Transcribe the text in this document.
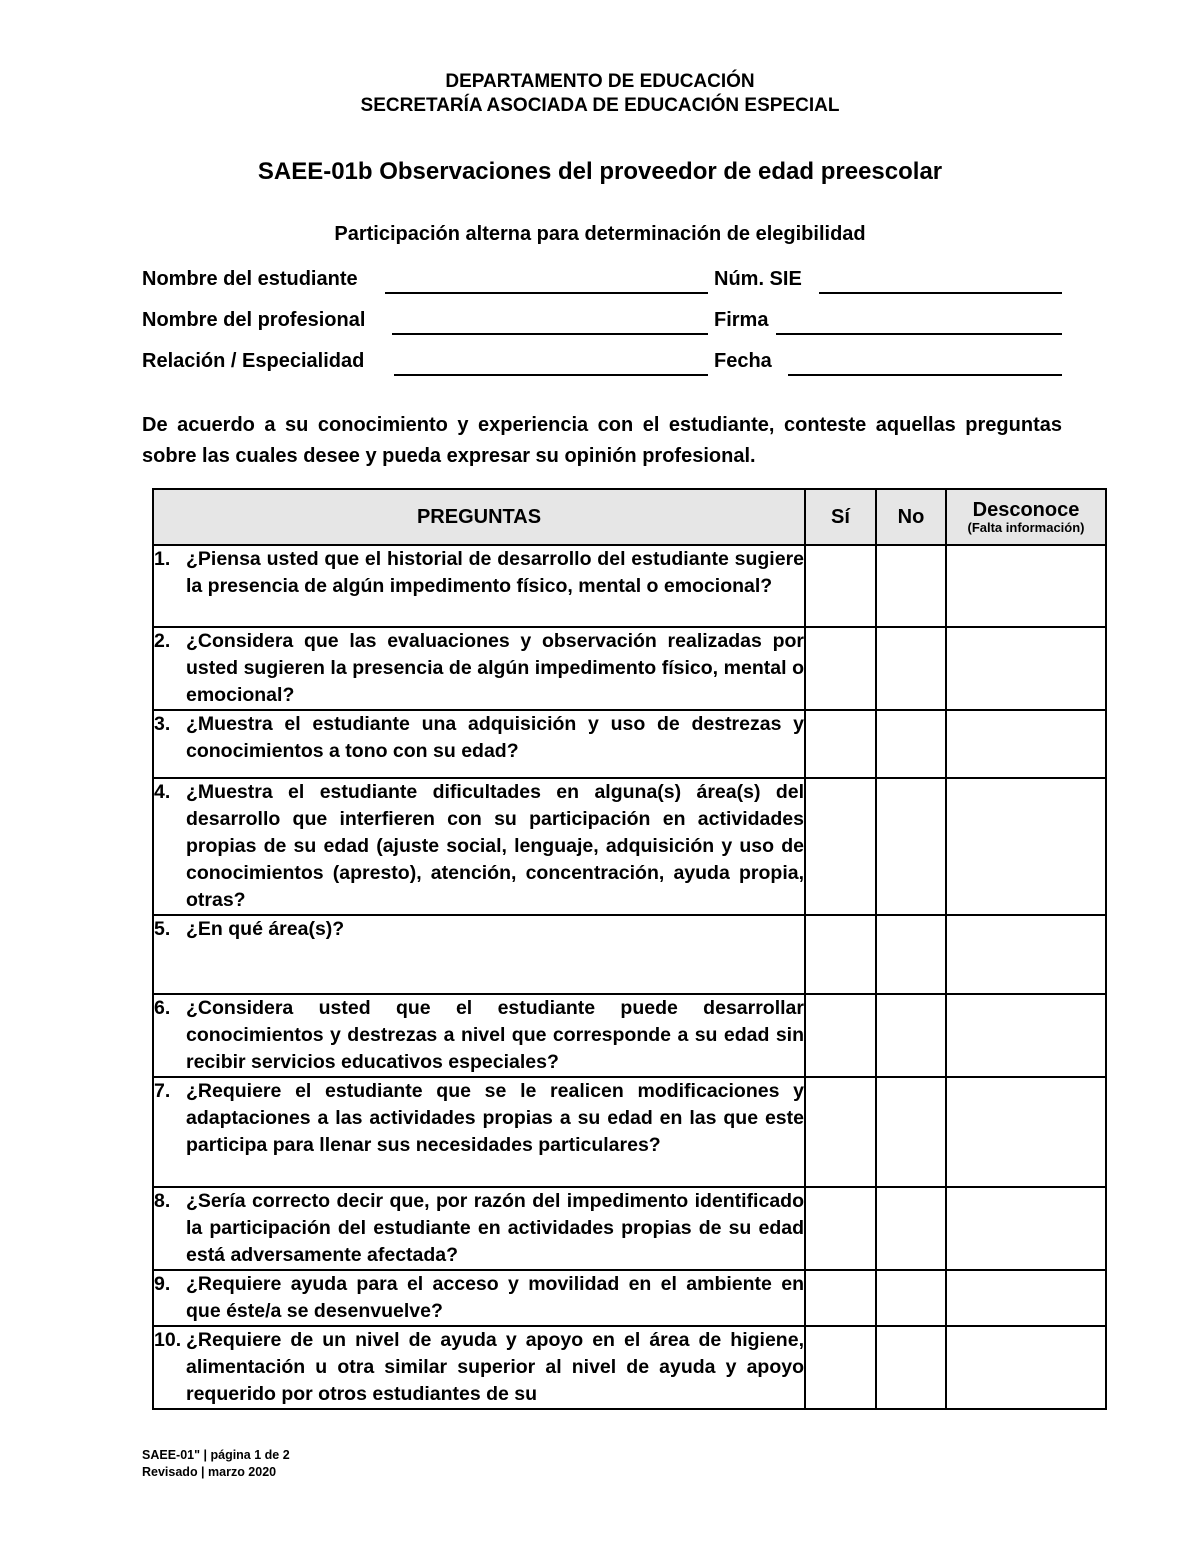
DEPARTAMENTO DE EDUCACIÓN
SECRETARÍA ASOCIADA DE EDUCACIÓN ESPECIAL
SAEE-01b Observaciones del proveedor de edad preescolar
Participación alterna para determinación de elegibilidad
Nombre del estudiante	Núm. SIE
Nombre del profesional	Firma
Relación / Especialidad	Fecha
De acuerdo a su conocimiento y experiencia con el estudiante, conteste aquellas preguntas sobre las cuales desee y pueda expresar su opinión profesional.
PREGUNTAS	Sí	No	Desconoce
(Falta información)

1. ¿Piensa usted que el historial de desarrollo del estudiante sugiere la presencia de algún impedimento físico, mental o emocional?			

2. ¿Considera que las evaluaciones y observación realizadas por usted sugieren la presencia de algún impedimento físico, mental o emocional?			

3. ¿Muestra el estudiante una adquisición y uso de destrezas y conocimientos a tono con su edad?			

4. ¿Muestra el estudiante dificultades en alguna(s) área(s) del desarrollo que interfieren con su participación en actividades propias de su edad (ajuste social, lenguaje, adquisición y uso de conocimientos (apresto), atención, concentración, ayuda propia, otras?			

5. ¿En qué área(s)?			

6. ¿Considera usted que el estudiante puede desarrollar conocimientos y destrezas a nivel que corresponde a su edad sin recibir servicios educativos especiales?			

7. ¿Requiere el estudiante que se le realicen modificaciones y adaptaciones a las actividades propias a su edad en las que este participa para llenar sus necesidades particulares?			

8. ¿Sería correcto decir que, por razón del impedimento identificado la participación del estudiante en actividades propias de su edad está adversamente afectada?			

9. ¿Requiere ayuda para el acceso y movilidad en el ambiente en que éste/a se desenvuelve?			

10. ¿Requiere de un nivel de ayuda y apoyo en el área de higiene, alimentación u otra similar superior al nivel de ayuda y apoyo requerido por otros estudiantes de su			

SAEE-01" | página 1 de 2
Revisado | marzo 2020
